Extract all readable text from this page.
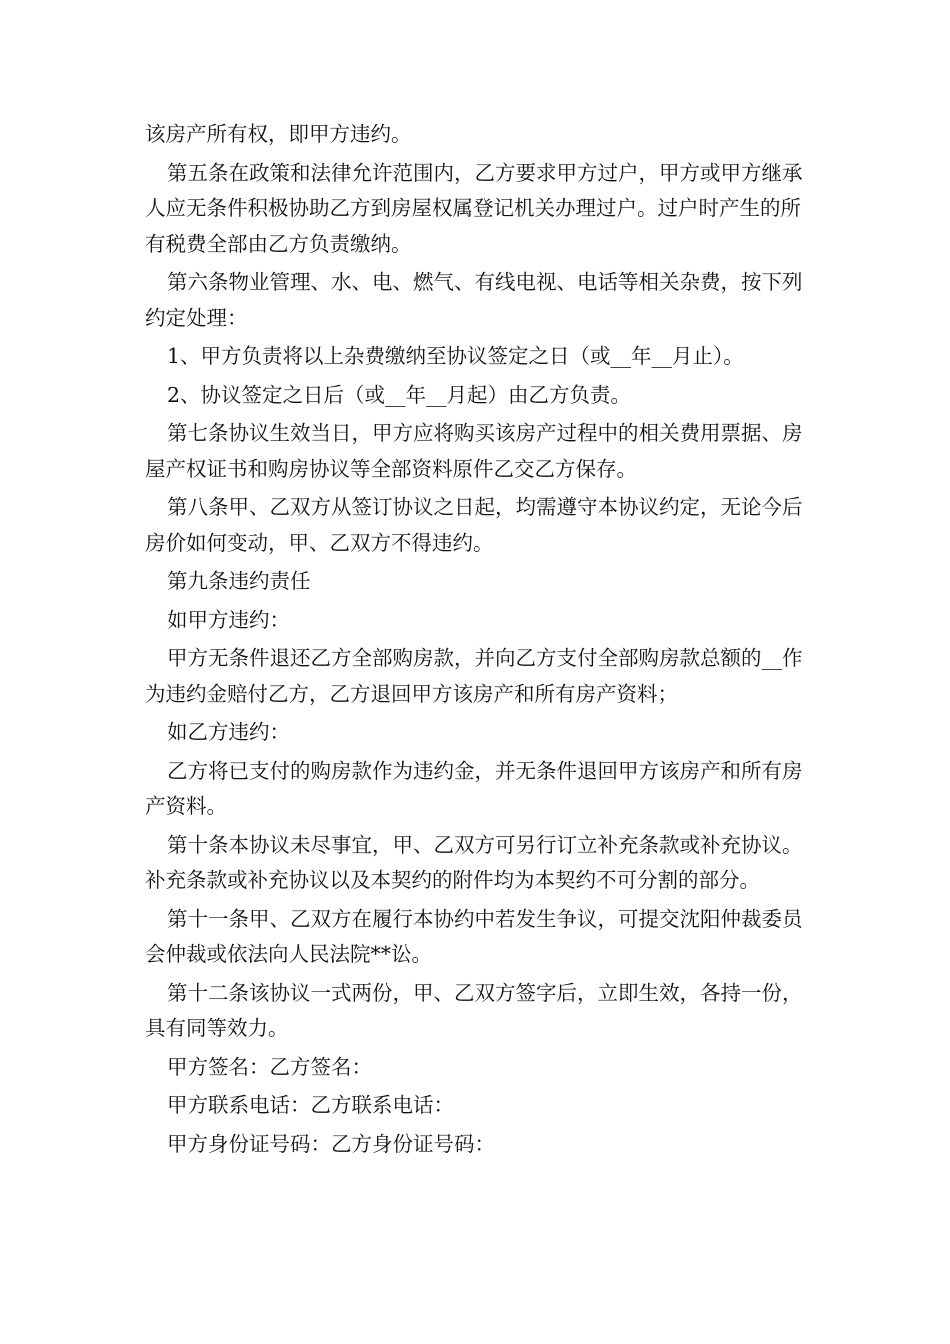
该房产所有权，即甲方违约。

第五条在政策和法律允许范围内，乙方要求甲方过户，甲方或甲方继承人应无条件积极协助乙方到房屋权属登记机关办理过户。过户时产生的所有税费全部由乙方负责缴纳。

第六条物业管理、水、电、燃气、有线电视、电话等相关杂费，按下列约定处理：

1、甲方负责将以上杂费缴纳至协议签定之日（或__年__月止）。

2、协议签定之日后（或__年__月起）由乙方负责。

第七条协议生效当日，甲方应将购买该房产过程中的相关费用票据、房屋产权证书和购房协议等全部资料原件乙交乙方保存。

第八条甲、乙双方从签订协议之日起，均需遵守本协议约定，无论今后房价如何变动，甲、乙双方不得违约。

第九条违约责任

如甲方违约：

甲方无条件退还乙方全部购房款，并向乙方支付全部购房款总额的__作为违约金赔付乙方，乙方退回甲方该房产和所有房产资料；

如乙方违约：

乙方将已支付的购房款作为违约金，并无条件退回甲方该房产和所有房产资料。

第十条本协议未尽事宜，甲、乙双方可另行订立补充条款或补充协议。补充条款或补充协议以及本契约的附件均为本契约不可分割的部分。

第十一条甲、乙双方在履行本协约中若发生争议，可提交沈阳仲裁委员会仲裁或依法向人民法院**讼。

第十二条该协议一式两份，甲、乙双方签字后，立即生效，各持一份，具有同等效力。

甲方签名：乙方签名：

甲方联系电话：乙方联系电话：

甲方身份证号码：乙方身份证号码：
